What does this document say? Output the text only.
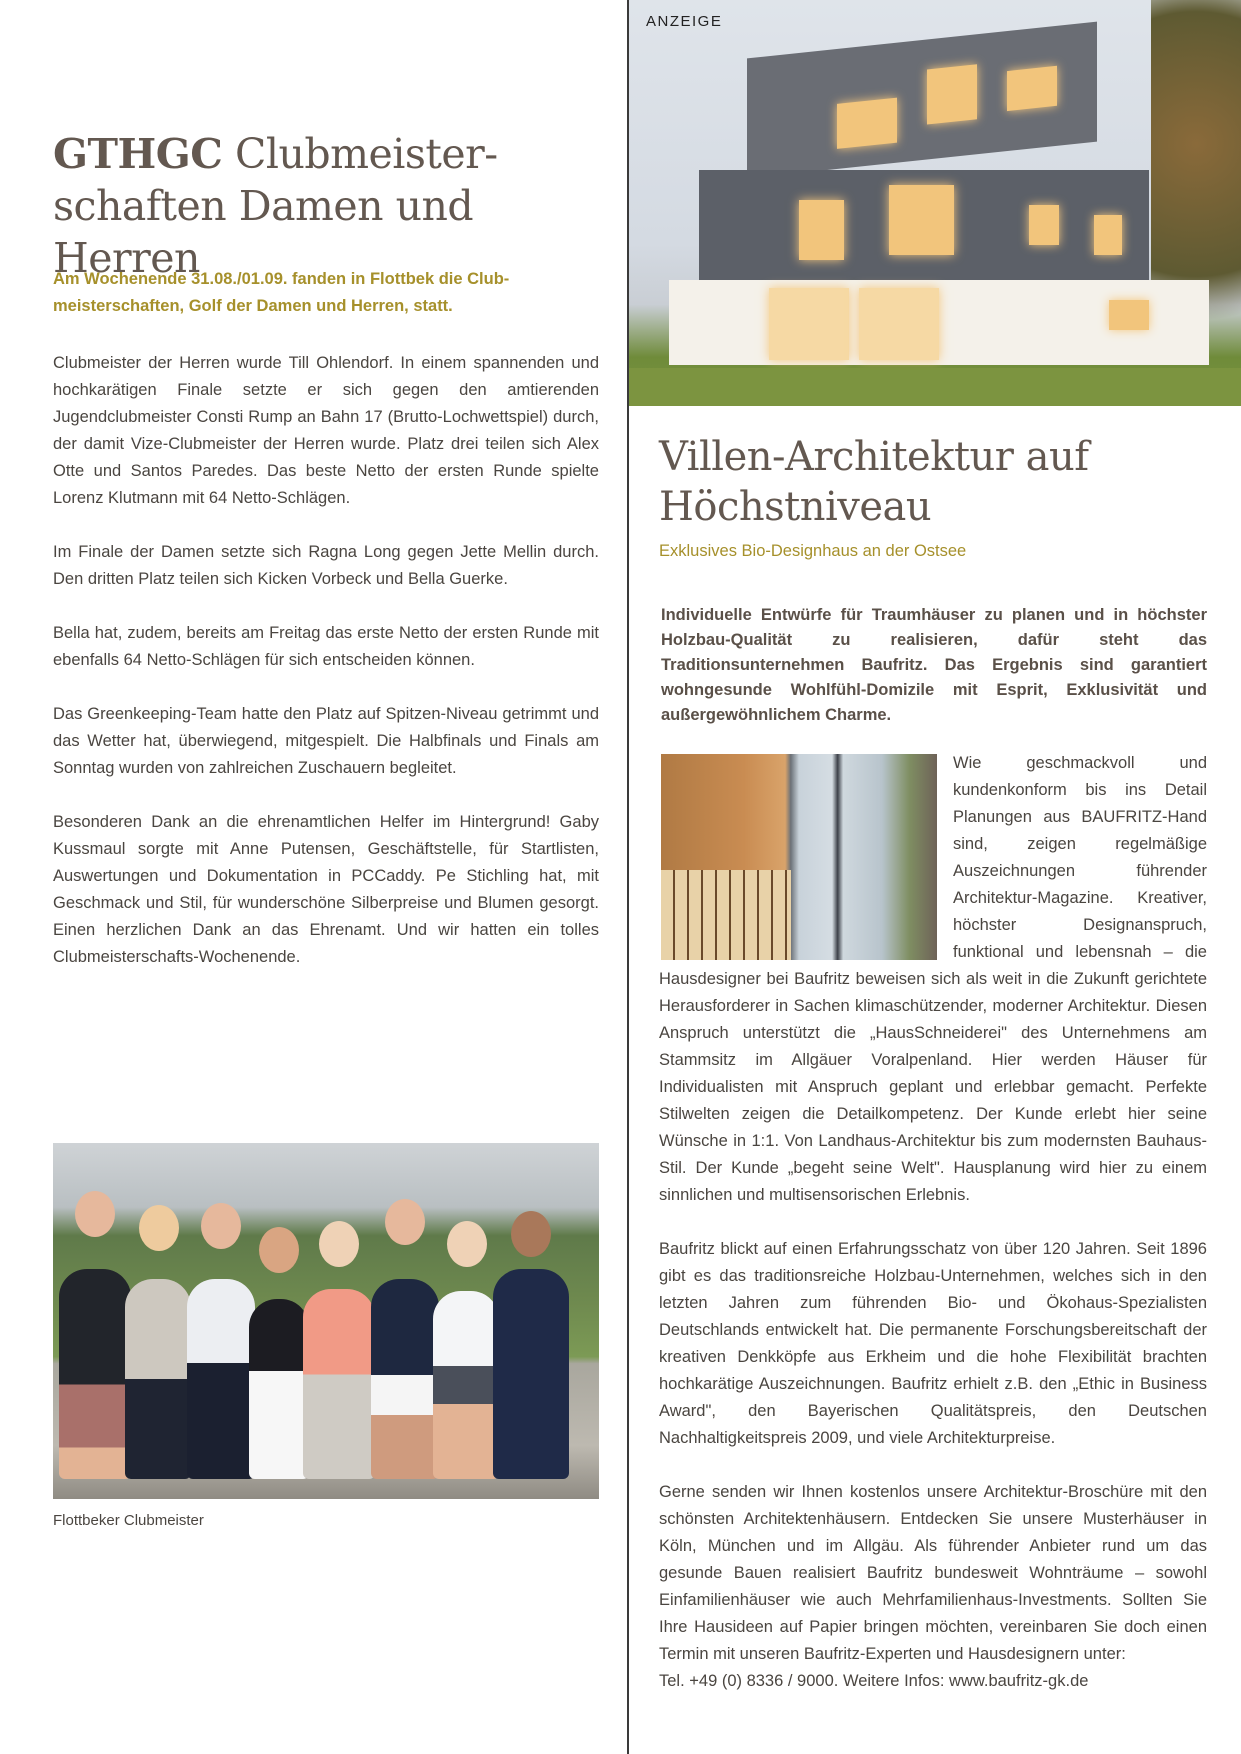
GTHGC Clubmeister-schaften Damen und Herren
Am Wochenende 31.08./01.09. fanden in Flottbek die Club-meisterschaften, Golf der Damen und Herren, statt.

Clubmeister der Herren wurde Till Ohlendorf. In einem spannenden und hochkarätigen Finale setzte er sich gegen den amtierenden Jugendclubmeister Consti Rump an Bahn 17 (Brutto-Lochwettspiel) durch, der damit Vize-Clubmeister der Herren wurde. Platz drei teilen sich Alex Otte und Santos Paredes. Das beste Netto der ersten Runde spielte Lorenz Klutmann mit 64 Netto-Schlägen.

Im Finale der Damen setzte sich Ragna Long gegen Jette Mellin durch. Den dritten Platz teilen sich Kicken Vorbeck und Bella Guerke.

Bella hat, zudem, bereits am Freitag das erste Netto der ersten Runde mit ebenfalls 64 Netto-Schlägen für sich entscheiden können.

Das Greenkeeping-Team hatte den Platz auf Spitzen-Niveau getrimmt und das Wetter hat, überwiegend, mitgespielt. Die Halbfinals und Finals am Sonntag wurden von zahlreichen Zuschauern begleitet.

Besonderen Dank an die ehrenamtlichen Helfer im Hintergrund! Gaby Kussmaul sorgte mit Anne Putensen, Geschäftstelle, für Startlisten, Auswertungen und Dokumentation in PCCaddy. Pe Stichling hat, mit Geschmack und Stil, für wunderschöne Silberpreise und Blumen gesorgt. Einen herzlichen Dank an das Ehrenamt. Und wir hatten ein tolles Clubmeisterschafts-Wochenende.

Flottbeker Clubmeister
ANZEIGE
Villen-Architektur auf Höchstniveau
Exklusives Bio-Designhaus an der Ostsee
Individuelle Entwürfe für Traumhäuser zu planen und in höchster Holzbau-Qualität zu realisieren, dafür steht das Traditionsunternehmen Baufritz. Das Ergebnis sind garantiert wohngesunde Wohlfühl-Domizile mit Esprit, Exklusivität und außergewöhnlichem Charme.

Wie geschmackvoll und kundenkonform bis ins Detail Planungen aus BAUFRITZ-Hand sind, zeigen regelmäßige Auszeichnungen führender Architektur-Magazine. Kreativer, höchster Designanspruch, funktional und lebensnah – die Hausdesigner bei Baufritz beweisen sich als weit in die Zukunft gerichtete Herausforderer in Sachen klimaschützender, moderner Architektur. Diesen Anspruch unterstützt die „HausSchneiderei" des Unternehmens am Stammsitz im Allgäuer Voralpenland. Hier werden Häuser für Individualisten mit Anspruch geplant und erlebbar gemacht. Perfekte Stilwelten zeigen die Detailkompetenz. Der Kunde erlebt hier seine Wünsche in 1:1. Von Landhaus-Architektur bis zum modernsten Bauhaus-Stil. Der Kunde „begeht seine Welt". Hausplanung wird hier zu einem sinnlichen und multisensorischen Erlebnis.

Baufritz blickt auf einen Erfahrungsschatz von über 120 Jahren. Seit 1896 gibt es das traditionsreiche Holzbau-Unternehmen, welches sich in den letzten Jahren zum führenden Bio- und Ökohaus-Spezialisten Deutschlands entwickelt hat. Die permanente Forschungsbereitschaft der kreativen Denkköpfe aus Erkheim und die hohe Flexibilität brachten hochkarätige Auszeichnungen. Baufritz erhielt z.B. den „Ethic in Business Award", den Bayerischen Qualitätspreis, den Deutschen Nachhaltigkeitspreis 2009, und viele Architekturpreise.

Gerne senden wir Ihnen kostenlos unsere Architektur-Broschüre mit den schönsten Architektenhäusern. Entdecken Sie unsere Musterhäuser in Köln, München und im Allgäu. Als führender Anbieter rund um das gesunde Bauen realisiert Baufritz bundesweit Wohnträume – sowohl Einfamilienhäuser wie auch Mehrfamilienhaus-Investments. Sollten Sie Ihre Hausideen auf Papier bringen möchten, vereinbaren Sie doch einen Termin mit unseren Baufritz-Experten und Hausdesignern unter:

Tel. +49 (0) 8336 / 9000. Weitere Infos: www.baufritz-gk.de
